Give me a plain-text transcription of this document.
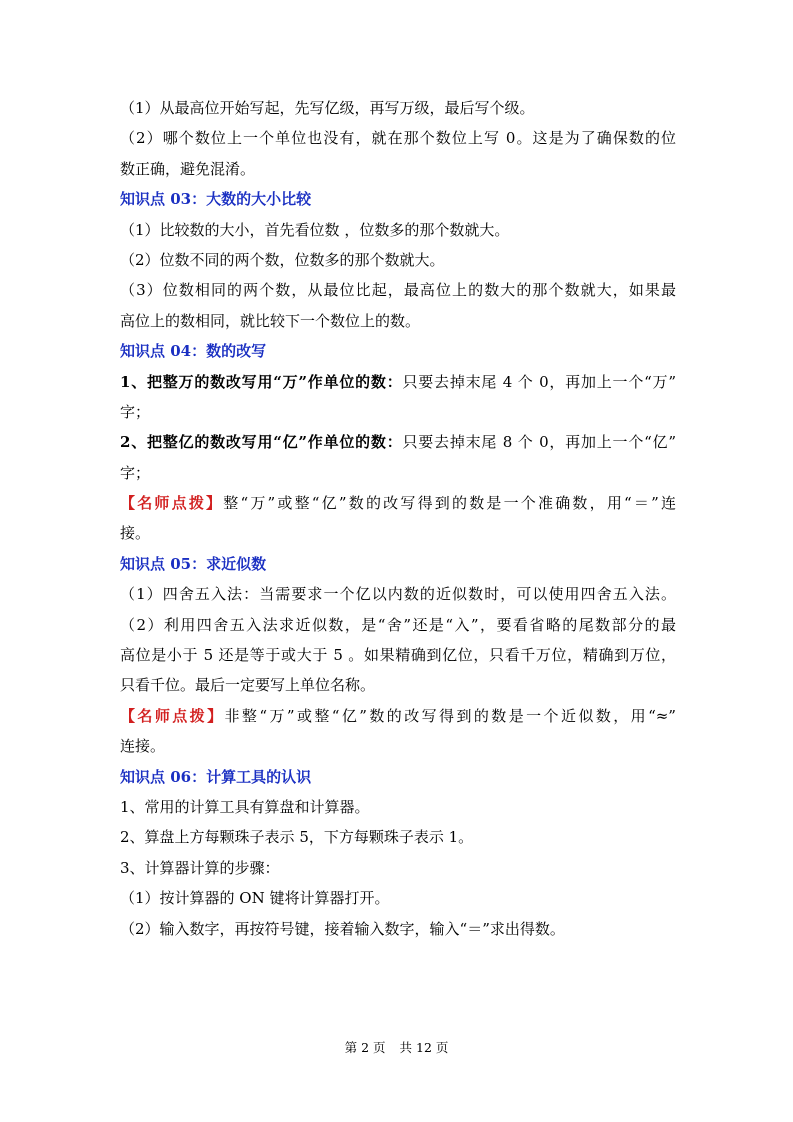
（1）从最高位开始写起，先写亿级，再写万级，最后写个级。
（2）哪个数位上一个单位也没有，就在那个数位上写 0。这是为了确保数的位
数正确，避免混淆。
知识点 03：大数的大小比较
（1）比较数的大小，首先看位数 ，位数多的那个数就大。
（2）位数不同的两个数，位数多的那个数就大。
（3）位数相同的两个数，从最位比起，最高位上的数大的那个数就大，如果最
高位上的数相同，就比较下一个数位上的数。
知识点 04：数的改写
1、把整万的数改写用“万”作单位的数：只要去掉末尾 4 个 0，再加上一个“万”
字；
2、把整亿的数改写用“亿”作单位的数：只要去掉末尾 8 个 0，再加上一个“亿”
字；
【名师点拨】整“万”或整“亿”数的改写得到的数是一个准确数，用“＝”连
接。
知识点 05：求近似数
（1）四舍五入法：当需要求一个亿以内数的近似数时，可以使用四舍五入法。
（2）利用四舍五入法求近似数，是“舍”还是“入”，要看省略的尾数部分的最
高位是小于 5 还是等于或大于 5 。如果精确到亿位，只看千万位，精确到万位，
只看千位。最后一定要写上单位名称。
【名师点拨】非整“万”或整“亿”数的改写得到的数是一个近似数，用“≈”
连接。
知识点 06：计算工具的认识
1、常用的计算工具有算盘和计算器。
2、算盘上方每颗珠子表示 5，下方每颗珠子表示 1。
3、计算器计算的步骤：
（1）按计算器的 ON 键将计算器打开。
（2）输入数字，再按符号键，接着输入数字，输入“＝”求出得数。
第 2 页 共 12 页
